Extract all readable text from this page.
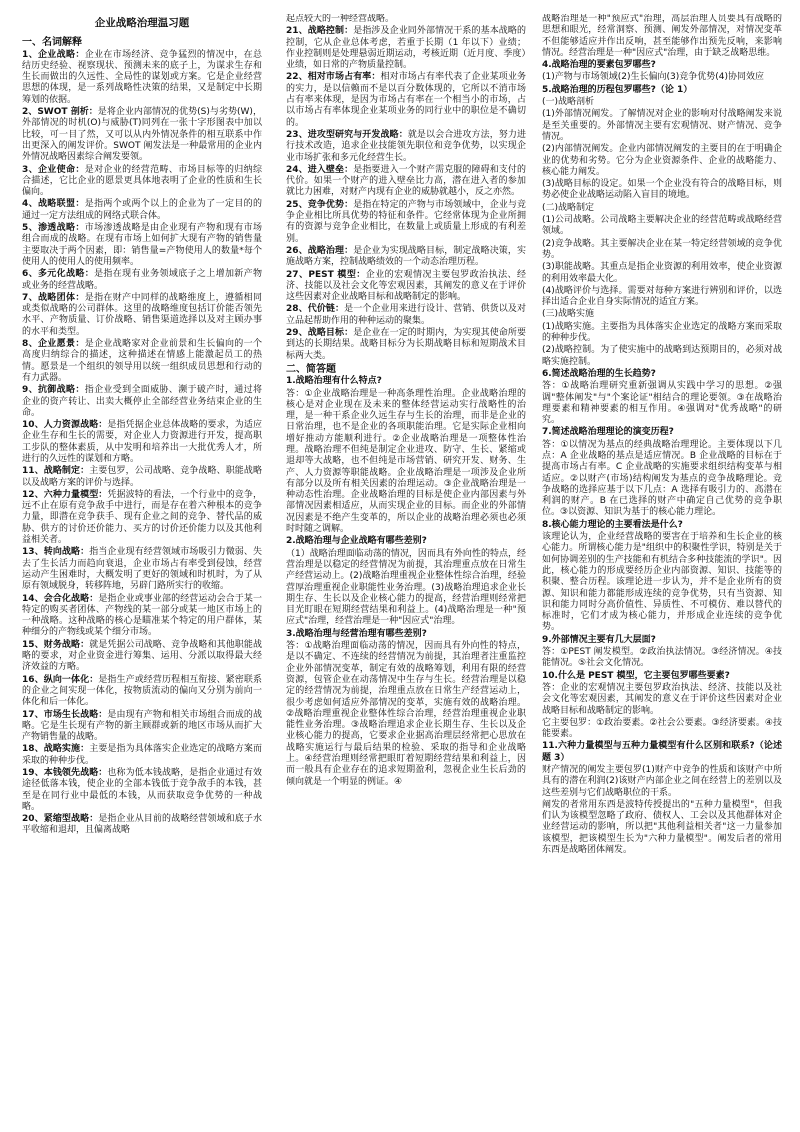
企业战略治理温习题
一、名词解释

1、企业战略：企业在市场经济、竞争猛烈的情况中，在总结历史经验、视察现状、预测未来的底子上，为谋求生存和生长而做出的久远性、全局性的谋划或方案。它是企业经营思想的体现，是一系列战略性决策的结果，又是制定中长期筹划的依据。

2、SWOT 剖析：是将企业内部情况的优势(S)与劣势(W)，外部情况的时机(O)与威胁(T)同列在一张十字形图表中加以比较，可一目了然，又可以从内外情况条件的相互联系中作出更深入的阐发评价。SWOT 阐发法是一种最常用的企业内外情况战略因素综合阐发要领。

3、企业使命：是对企业的经营范畴、市场目标等的归纳综合描述，它比企业的愿景更具体地表明了企业的性质和生长偏向。

4、战略联盟：是指两个或两个以上的企业为了一定目的的通过一定方法组成的网络式联合体。

5、渗透战略：市场渗透战略是由企业现有产物和现有市场组合而成的战略。在现有市场上如何扩大现有产物的销售量主要取决于两个因素，即：销售量=产物使用人的数量*每个使用人的使用人的使用频率。

6、多元化战略：是指在现有业务领域底子之上增加新产物或业务的经营战略。

7、战略团体：是指在财产中同样的战略维度上，遵循相同或类似战略的公司群体。这里的战略维度包括订价能否领先水平、产物质量、订价战略、销售渠道选择以及对主顾办事的水平和类型。

8、企业愿景：是企业战略家对企业前景和生长偏向的一个高度归纳综合的描述，这种描述在情感上能激起员工的热情。愿景是一个组织的领导用以统一组织成员思想和行动的有力武器。

9、抗御战略：指企业受到全面威胁、濒于破产时，通过将企业的资产转让、出卖大概停止全部经营业务结束企业的生命。

10、人力资源战略：是指凭据企业总体战略的要求，为适应企业生存和生长的需要，对企业人力资源进行开发，提高职工步队的整体素质，从中发明和培养出一大批优秀人才，所进行的久远性的谋划和方略。

11、战略制定：主要包罗，公司战略、竞争战略、职能战略以及战略方案的评价与选择。

12、六种力量模型：凭据波特的看法，一个行业中的竞争，远不止在原有竞争敌手中进行，而是存在着六种根本的竞争力量，即潜在竞争获手、现有企业之间的竞争、替代品的威胁、供方的讨价还价能力、买方的讨价还价能力以及其他利益相关者。

13、转向战略：指当企业现有经营领域市场吸引力微弱、失去了生长活力而趋向衰退，企业市场占有率受到侵蚀，经营运动产生困难时，大概发明了更好的领域和时机时，为了从原有领域脱身，转移阵地，另辟门路所实行的收缩。

14、会合化战略：是指企业或事业部的经营运动会合于某一特定的购买者团体、产物线的某一部分或某一地区市场上的一种战略。这种战略的核心是瞄准某个特定的用户群体，某种细分的产物线或某个细分市场。

15、财务战略：就是凭据公司战略、竞争战略和其他职能战略的要求，对企业资金进行筹集、运用、分派以取得最大经济效益的方略。

16、纵向一体化：是指生产或经营历程相互衔接、紧密联系的企业之间实现一体化，按物质流动的偏向又分别为前向一体化和后一体化。

17、市场生长战略：是由现有产物和相关市场组合而成的战略。它是生长现有产物的新主顾群或新的地区市场从而扩大产物销售量的战略。

18、战略实施：主要是指为具体落实企业选定的战略方案而采取的种种步伐。

19、本钱领先战略：也称为低本钱战略，是指企业通过有效途径低落本钱，使企业的全部本钱低于竞争敌手的本钱，甚至是在同行业中最低的本钱，从而获取竞争优势的一种战略。

20、紧缩型战略：是指企业从目前的战略经营领域和底子水平收缩和退却，且偏离战略

起点较大的一种经营战略。

21、战略控制：是指涉及企业同外部情况干系的基本战略的控制，它从企业总体考虑，若重于长期（1 年以下）业绩；作业控制则是处理悬弱近期运动，考核近期（近月度、季度）业绩，如日常的产物质量控制。

22、相对市场占有率：相对市场占有率代表了企业某项业务的实力，是以信赖而不是以百分数体现的，它所以不消市场占有率来体现，是因为市场占有率在一个相当小的市场，占以市场占有率体现企业某项业务的同行业中的职位是不确切的。

23、进攻型研究与开发战略：就是以会合进攻方法，努力进行技术改造，追求企业技能领先职位和竞争优势，以实现企业市场扩张和多元化经营生长。

24、进入壁垒：是指要进入一个财产需克服的障碍和支付的代价。如果一个财产的进入壁垒比力高，潜在进入者的参加就比力困难，对财产内现有企业的威胁就越小，反之亦然。

25、竞争优势：是指在特定的产物与市场领域中，企业与竞争企业相比所具优势的特征和条件。它经常体现为企业所拥有的资源与竞争企业相比，在数量上或质量上形成的有利差别。

26、战略治理：是企业为实现战略目标，制定战略决策，实施战略方案，控制战略绩效的一个动态治理历程。

27、PEST 模型：企业的宏观情况主要包罗政治执法、经济、技能以及社会文化等宏观因素，其阐发的意义在于评价这些因素对企业战略目标和战略制定的影响。

28、代价链：是一个企业用来进行设计、营销、供货以及对立品起帮助作用的种种运动的聚集。

29、战略目标：是企业在一定的时期内，为实现其使命所要到达的长期结果。战略目标分为长期战略目标和短期战术目标两大类。

二、简答题

1.战略治理有什么特点?

答：①企业战略治理是一种高条理性治理。企业战略治理的核心是对企业现在及未来的整体经营运动实行战略性的治理，是一种干系企业久远生存与生长的治理，而非是企业的日常治理，也不是企业的各项职能治理。它是实际企业相向增好推动方能顺利进行。②企业战略治理是一项整体性治理。战略治理不但纯是制定企业进攻、防守、生长、紧缩或退却等大战略，也不但纯是市场营销、研究开发、财务、生产、人力资源等职能战略。企业战略治理是一项涉及企业所有部分以及所有相关因素的治理运动。③企业战略治理是一种动态性治理。企业战略治理的目标是使企业内部因素与外部情况因素相适应，从而实现企业的目标。而企业的外部情况因素是不绝产生变革的，所以企业的战略治理必须也必须时时随之调解。

2.战略治理与企业战略有哪些差别?

（1）战略治理面临动荡的情况，因而具有外向性的特点，经营治理是以稳定的经营情况为前提，其治理重点放在日常生产经营运动上。(2)战略治理重视企业整体性综合治理，经验营厚治理重视企业职能性业务治理。(3)战略治理追求企业长期生存、生长以及企业核心能力的提高，经营治理则经常把目光盯眼在短期经营结果和利益上。(4)战略治理是一种"预应式"治理，经营治理是一种"因应式"治理。

3.战略治理与经营治理有哪些差别?

答：①战略治理面临动荡的情况，因而具有外向性的特点，是以不确定、不连续的经营情况为前提，其治理者注重监控企业外部情况变革，制定有效的战略筹划，利用有限的经营资源，包管企业在动荡情况中生存与生长。经营治理是以稳定的经营情况为前提，治理重点放在日常生产经营运动上，很少考虑如何适应外部情况的变革，实施有效的战略治理。②战略治理重视企业整体性综合治理，经营治理重视企业职能性业务治理。③战略治理追求企业长期生存、生长以及企业核心能力的提高，它要求企业据高治理层经常把心思放在战略实施运行与最后结果的检验、采取的指导和企业战略上。④经营治理则经常把眼盯着短期经营结果和利益上，因而一般具有企业存在的追求短期盈利，忽视企业生长后劲的倾向就是一个明显的例证。④

战略治理是一种"预应式"治理，高层治理人员要具有战略的思想和眼光，经常洞察、预测、阐发外部情况，对情况变革不但能够适应并作出反响，甚至能够作出预先反响，来影响情况。经营治理是一种"因应式"治理，由于缺乏战略思维。

4.战略治理的要素包罗哪些?

(1)产物与市场领域(2)生长偏向(3)竞争优势(4)协同效应

5.战略治理的历程包罗哪些?（论 1）

(一)战略剖析

(1)外部情况阐发。了解情况对企业的影响对付战略阐发来说是至关重要的。外部情况主要有宏观情况、财产情况、竞争情况。

(2)内部情况阐发。企业内部情况阐发的主要目的在于明确企业的优势和劣势。它分为企业资源条件、企业的战略能力、核心能力阐发。

(3)战略目标的设定。如果一个企业没有符合的战略目标，则势必使企业战略运动陷入盲目的境地。

(二)战略制定

(1)公司战略。公司战略主要解决企业的经营范畴或战略经营领域。

(2)竞争战略。其主要解决企业在某一特定经营领域的竞争优势。

(3)职能战略。其重点是指企业资源的利用效率，使企业资源的利用效率最大化。

(4)战略评价与选择。需要对每种方案进行辨别和评价，以选择出适合企业自身实际情况的适宜方案。

(三)战略实施

(1)战略实施。主要指为具体落实企业选定的战略方案而采取的种种步伐。

(2)战略控制。为了使实施中的战略到达预期目的，必须对战略实施控制。

6.简述战略治理的生长趋势?

答：①战略治理研究重新强调从实践中学习的思想。②强调"整体阐发"与"个案论证"相结合的理论要领。③在战略治理要素和精神要素的相互作用。④强调对"优秀战略"的研究。

7.简述战略治理理论的演变历程?

答：①以情况为基点的经典战略治理理论。主要体现以下几点：A 企业战略的基点是适应情况。B 企业战略的目标在于提高市场占有率。C 企业战略的实施要求组织结构变革与相适应。②以财产(市场)结构阐发为基点的竞争战略理论。竞争战略的选择应基于以下几点：A 选择有吸引力的、高潜在利润的财产。B 在已选择的财产中确定自己优势的竞争职位。③以资源、知识为基于的核心能力理论。

8.核心能力理论的主要看法是什么?

该理论认为，企业经营战略的要害在于培养和生长企业的核心能力。所谓核心能力是"组织中的积聚性学识，特别是关于如何协调差别的生产技能和有机结合多种技能流的学识"。因此，核心能力的形成要经历企业内部资源、知识、技能等的积聚、整合历程。该理论进一步认为，并不是企业所有的资源、知识和能力都能形成连续的竞争优势，只有当资源、知识和能力同时分高价值性、异质性、不可模仿、难以替代的标准时，它们才成为核心能力，并形成企业连续的竞争优势。

9.外部情况主要有几大层面?

答：①PEST 阐发模型。②政治执法情况。③经济情况。④技能情况。⑤社会文化情况。

10.什么是 PEST 模型，它主要包罗哪些要素?

答：企业的宏观情况主要包罗政治执法、经济、技能以及社会文化等宏观因素，其阐发的意义在于评价这些因素对企业战略目标和战略制定的影响。

它主要包罗：①政治要素。②社会公要素。③经济要素。④技能要素。

11.六种力量模型与五种力量模型有什么区别和联系?（论述题 3）

财产情况的阐发主要包罗(1)财产中竞争的性质和该财产中所具有的潜在利润(2)该财产内部企业之间在经营上的差别以及这些差别与它们战略职位的干系。

阐发的者常用东西是波特传授提出的"五种力量模型"，但我们认为该模型忽略了政府、债权人、工会以及其他群体对企业经营运动的影响，所以把"其他利益相关者"这一力量参加该模型，把该模型生长为"六种力量模型"。阐发后者的常用东西是战略团体阐发。
